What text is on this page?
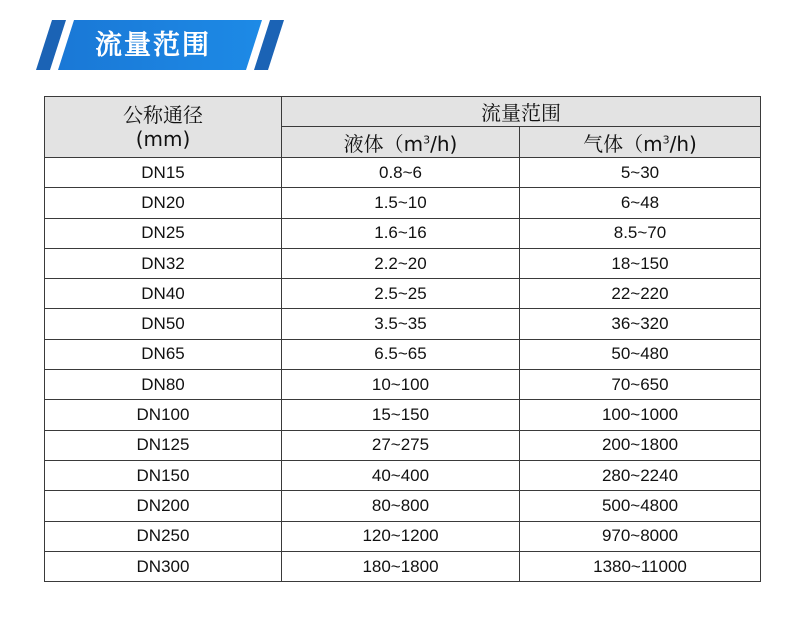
流量范围
公称通径
(mm)	流量范围	
	液体$(m^3/h)$	气体$(m^3/h)$
DN15	0.8~6	5~30
DN20	1.5~10	6~48
DN25	1.6~16	8.5~70
DN32	2.2~20	18~150
DN40	2.5~25	22~220
DN50	3.5~35	36~320
DN65	6.5~65	50~480
DN80	10~100	70~650
DN100	15~150	100~1000
DN125	27~275	200~1800
DN150	40~400	280~2240
DN200	80~800	500~4800
DN250	120~1200	970~8000
DN300	180~1800	1380~11000
